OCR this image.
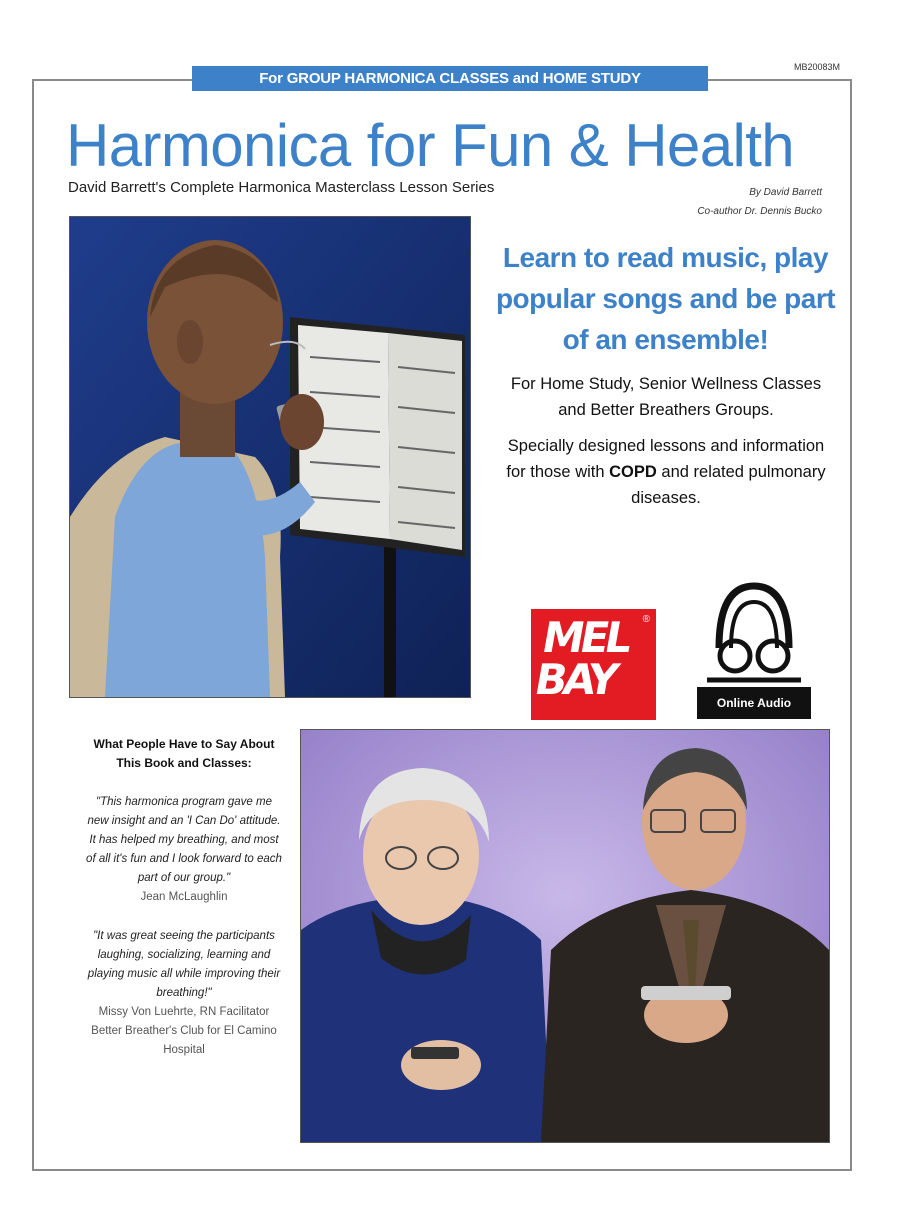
For GROUP HARMONICA CLASSES and HOME STUDY
MB20083M
Harmonica for Fun & Health
David Barrett's Complete Harmonica Masterclass Lesson Series	By David Barrett
Co-author Dr. Dennis Bucko
Learn to read music, play popular songs and be part of an ensemble!

For Home Study, Senior Wellness Classes and Better Breathers Groups.

Specially designed lessons and information for those with COPD and related pulmonary diseases.

MEL BAY
®
Online Audio
What People Have to Say About This Book and Classes:
"This harmonica program gave me new insight and an 'I Can Do' attitude. It has helped my breathing, and most of all it's fun and I look forward to each part of our group."
Jean McLaughlin
"It was great seeing the participants laughing, socializing, learning and playing music all while improving their breathing!"
Missy Von Luehrte, RN Facilitator Better Breather's Club for El Camino Hospital
